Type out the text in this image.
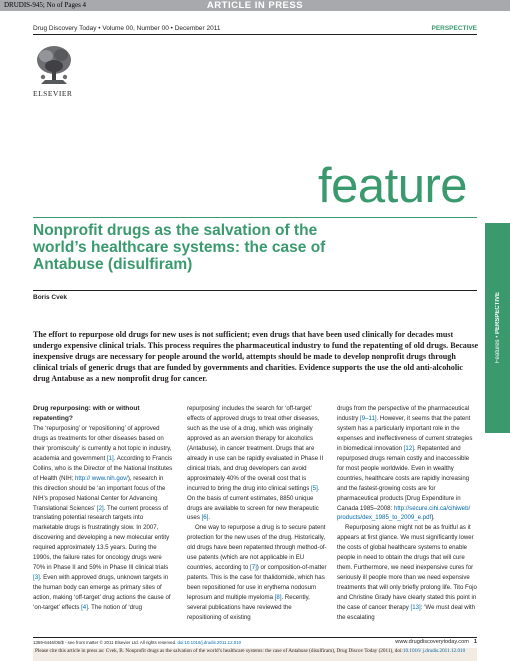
DRUDIS-945; No of Pages 4	ARTICLE IN PRESS
Drug Discovery Today • Volume 00, Number 00 • December 2011	PERSPECTIVE
ELSEVIER
feature
Features • PERSPECTIVE
Nonprofit drugs as the salvation of the world’s healthcare systems: the case of Antabuse (disulfiram)
Boris Cvek
The effort to repurpose old drugs for new uses is not sufficient; even drugs that have been used clinically for decades must undergo expensive clinical trials. This process requires the pharmaceutical industry to fund the repatenting of old drugs. Because inexpensive drugs are necessary for people around the world, attempts should be made to develop nonprofit drugs through clinical trials of generic drugs that are funded by governments and charities. Evidence supports the use the old anti-alcoholic drug Antabuse as a new nonprofit drug for cancer.
Drug repurposing: with or without repatenting?

The ‘repurposing’ or ‘repositioning’ of approved drugs as treatments for other diseases based on their ‘promiscuity’ is currently a hot topic in industry, academia and government [1]. According to Francis Collins, who is the Director of the National Institutes of Health (NIH; http:// www.nih.gov/), research in this direction should be ‘an important focus of the NIH’s proposed National Center for Advancing Translational Sciences’ [2]. The current process of translating potential research targets into marketable drugs is frustratingly slow. In 2007, discovering and developing a new molecular entity required approximately 13.5 years. During the 1990s, the failure rates for oncology drugs were 70% in Phase II and 59% in Phase III clinical trials [3]. Even with approved drugs, unknown targets in the human body can emerge as primary sites of action, making ‘off-target’ drug actions the cause of ‘on-target’ effects [4]. The notion of ‘drug

repurposing’ includes the search for ‘off-target’ effects of approved drugs to treat other diseases, such as the use of a drug, which was originally approved as an aversion therapy for alcoholics (Antabuse), in cancer treatment. Drugs that are already in use can be rapidly evaluated in Phase II clinical trials, and drug developers can avoid approximately 40% of the overall cost that is incurred to bring the drug into clinical settings [5]. On the basis of current estimates, 8850 unique drugs are available to screen for new therapeutic uses [6].

One way to repurpose a drug is to secure patent protection for the new uses of the drug. Historically, old drugs have been repatented through method-of-use patents (which are not applicable in EU countries, according to [7]) or composition-of-matter patents. This is the case for thalidomide, which has been repositioned for use in erythema nodosum leprosum and multiple myeloma [8]. Recently, several publications have reviewed the repositioning of existing

drugs from the perspective of the pharmaceutical industry [9–11]. However, it seems that the patent system has a particularly important role in the expenses and ineffectiveness of current strategies in biomedical innovation [12]. Repatented and repurposed drugs remain costly and inaccessible for most people worldwide. Even in wealthy countries, healthcare costs are rapidly increasing and the fastest-growing costs are for pharmaceutical products [Drug Expenditure in Canada 1985–2008: http://secure.cihi.ca/cihiweb/ products/dex_1985_to_2009_e.pdf].

Repurposing alone might not be as fruitful as it appears at first glance. We must significantly lower the costs of global healthcare systems to enable people in need to obtain the drugs that will cure them. Furthermore, we need inexpensive cures for seriously ill people more than we need expensive treatments that will only briefly prolong life. Tito Fojo and Christine Grady have clearly stated this point in the case of cancer therapy [13]: ‘We must deal with the escalating

1359-6446/06/$ - see front matter © 2011 Elsevier Ltd. All rights reserved. doi:10.1016/j.drudis.2011.12.010	www.drugdiscoverytoday.com 1
Please cite this article in press as: Cvek, B. Nonprofit drugs as the salvation of the world’s healthcare systems: the case of Antabuse (disulfiram), Drug Discov Today (2011), doi:10.1016/ j.drudis.2011.12.010
